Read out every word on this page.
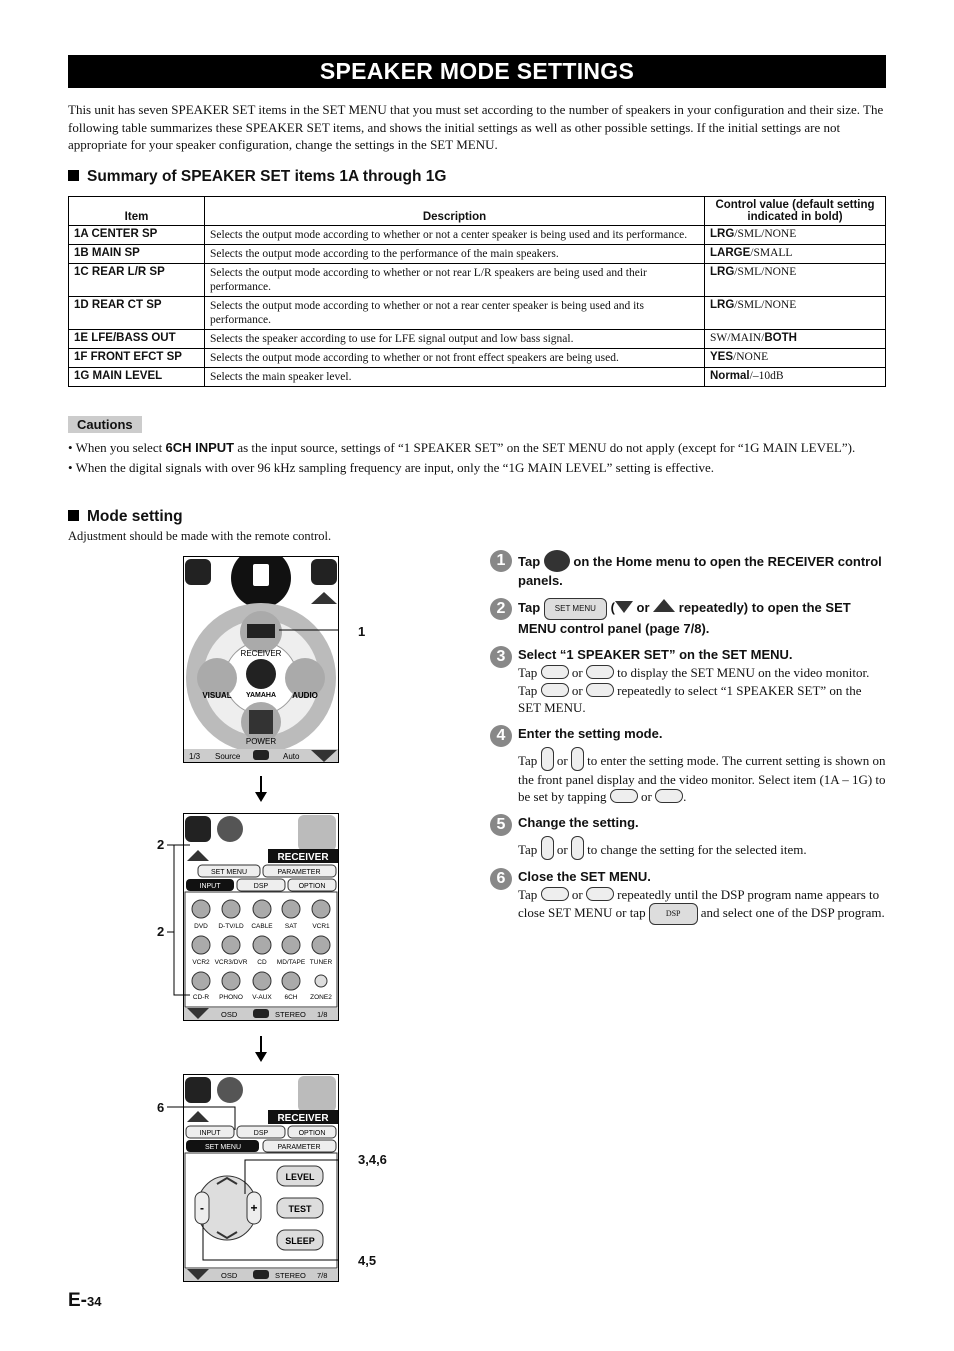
SPEAKER MODE SETTINGS
This unit has seven SPEAKER SET items in the SET MENU that you must set according to the number of speakers in your configuration and their size. The following table summarizes these SPEAKER SET items, and shows the initial settings as well as other possible settings. If the initial settings are not appropriate for your speaker configuration, change the settings in the SET MENU.
Summary of SPEAKER SET items 1A through 1G
Item	Description	Control value (default setting indicated in bold)
1A CENTER SP	Selects the output mode according to whether or not a center speaker is being used and its performance.	LRG/SML/NONE
1B MAIN SP	Selects the output mode according to the performance of the main speakers.	LARGE/SMALL
1C REAR L/R SP	Selects the output mode according to whether or not rear L/R speakers are being used and their performance.	LRG/SML/NONE
1D REAR CT SP	Selects the output mode according to whether or not a rear center speaker is being used and its performance.	LRG/SML/NONE
1E LFE/BASS OUT	Selects the speaker according to use for LFE signal output and low bass signal.	SW/MAIN/BOTH
1F FRONT EFCT SP	Selects the output mode according to whether or not front effect speakers are being used.	YES/NONE
1G MAIN LEVEL	Selects the main speaker level.	Normal/–10dB
Cautions
• When you select 6CH INPUT as the input source, settings of “1 SPEAKER SET” on the SET MENU do not apply (except for “1G MAIN LEVEL”).
• When the digital signals with over 96 kHz sampling frequency are input, only the “1G MAIN LEVEL” setting is effective.
Mode setting
Adjustment should be made with the remote control.
RECEIVER
VISUAL YAMAHA AUDIO
POWER
1/3 Source	Auto
1
RECEIVER
SET MENU	PARAMETER
INPUT	DSP	OPTION
DVD D-TV/LD CABLE SAT VCR1
VCR2 VCR3/DVR CD MD/TAPE TUNER
CD-R PHONO V-AUX 6CH ZONE2
OSD	STEREO 1/8
2
2
RECEIVER
INPUT	DSP	OPTION
SET MENU	PARAMETER
-	+
LEVEL
TEST
SLEEP
OSD	STEREO 7/8
6
3,4,6
4,5
1 Tap  on the Home menu to open the RECEIVER control panels.
2 Tap SET MENU ( or  repeatedly) to open the SET MENU control panel (page 7/8).
3 Select “1 SPEAKER SET” on the SET MENU.
Tap  or  to display the SET MENU on the video monitor. Tap  or  repeatedly to select “1 SPEAKER SET” on the SET MENU.
4 Enter the setting mode.
Tap  or  to enter the setting mode. The current setting is shown on the front panel display and the video monitor. Select item (1A – 1G) to be set by tapping  or .
5 Change the setting.
Tap  or  to change the setting for the selected item.
6 Close the SET MENU.
Tap  or  repeatedly until the DSP program name appears to close SET MENU or tap DSP and select one of the DSP program.
E-34
